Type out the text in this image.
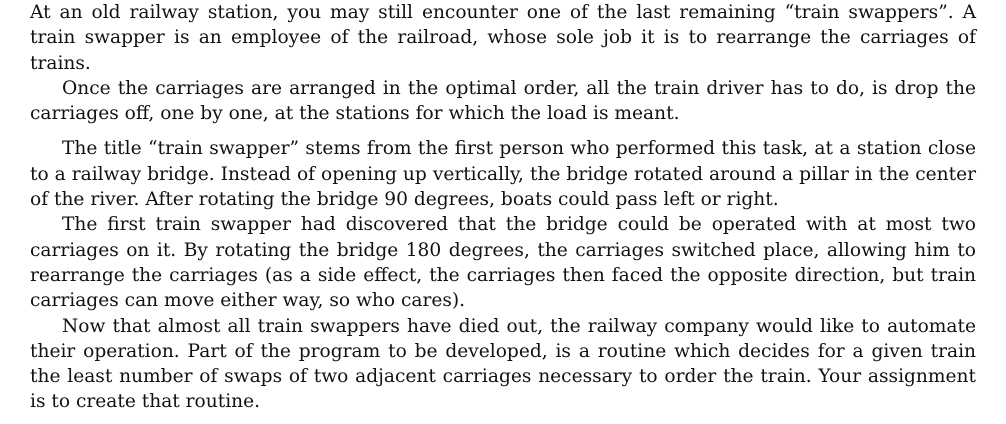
At an old railway station, you may still encounter one of the last remaining “train swappers”. A train swapper is an employee of the railroad, whose sole job it is to rearrange the carriages of trains.

Once the carriages are arranged in the optimal order, all the train driver has to do, is drop the carriages off, one by one, at the stations for which the load is meant.

The title “train swapper” stems from the first person who performed this task, at a station close to a railway bridge. Instead of opening up vertically, the bridge rotated around a pillar in the center of the river. After rotating the bridge 90 degrees, boats could pass left or right.

The first train swapper had discovered that the bridge could be operated with at most two carriages on it. By rotating the bridge 180 degrees, the carriages switched place, allowing him to rearrange the carriages (as a side effect, the carriages then faced the opposite direction, but train carriages can move either way, so who cares).

Now that almost all train swappers have died out, the railway company would like to automate their operation. Part of the program to be developed, is a routine which decides for a given train the least number of swaps of two adjacent carriages necessary to order the train. Your assignment is to create that routine.
